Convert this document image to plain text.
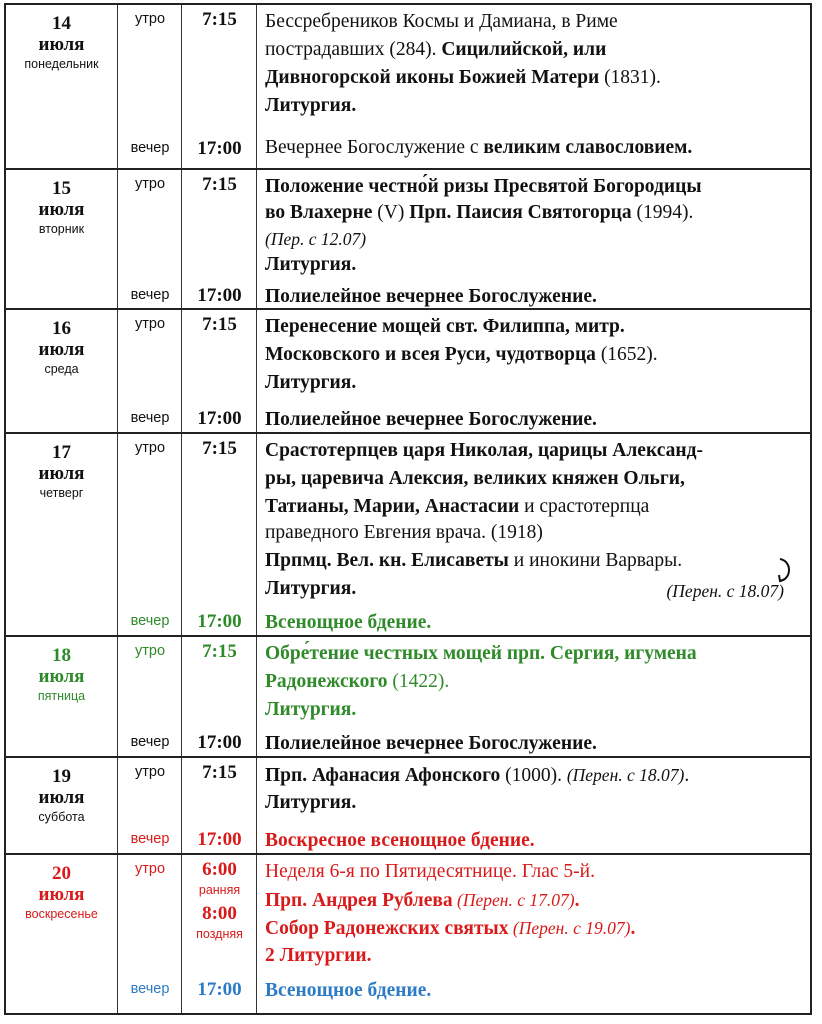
14
июля
понедельник
утро
вечер
7:15
17:00
Бессребреников Космы и Дамиана, в Риме
пострадавших (284). Сицилийской, или
Дивногорской иконы Божией Матери (1831).
Литургия.
Вечернее Богослужение с великим славословием.
15
июля
вторник
утро
вечер
7:15
17:00
Положение честно́й ризы Пресвятой Богородицы
во Влахерне (V) Прп. Паисия Святогорца (1994).
(Пер. с 12.07)
Литургия.
Полиелейное вечернее Богослужение.
16
июля
среда
утро
вечер
7:15
17:00
Перенесение мощей свт. Филиппа, митр.
Московского и всея Руси, чудотворца (1652).
Литургия.
Полиелейное вечернее Богослужение.
17
июля
четверг
утро
вечер
7:15
17:00
Срастотерпцев царя Николая, царицы Александ-
ры, царевича Алексия, великих княжен Ольги,
Татианы, Марии, Анастасии и срастотерпца
праведного Евгения врача. (1918)
Прпмц. Вел. кн. Елисаветы и инокини Варвары.
Литургия.	(Перен. с 18.07)
Всенощное бдение.
18
июля
пятница
утро
вечер
7:15
17:00
Обре́тение честных мощей прп. Сергия, игумена
Радонежского (1422).
Литургия.
Полиелейное вечернее Богослужение.
19
июля
суббота
утро
вечер
7:15
17:00
Прп. Афанасия Афонского (1000). (Перен. с 18.07).
Литургия.
Воскресное всенощное бдение.
20
июля
воскресенье
утро
вечер
6:00
ранняя
8:00
поздняя
17:00
Неделя 6-я по Пятидесятнице. Глас 5-й.
Прп. Андрея Рублева (Перен. с 17.07).
Собор Радонежских святых (Перен. с 19.07).
2 Литургии.
Всенощное бдение.
